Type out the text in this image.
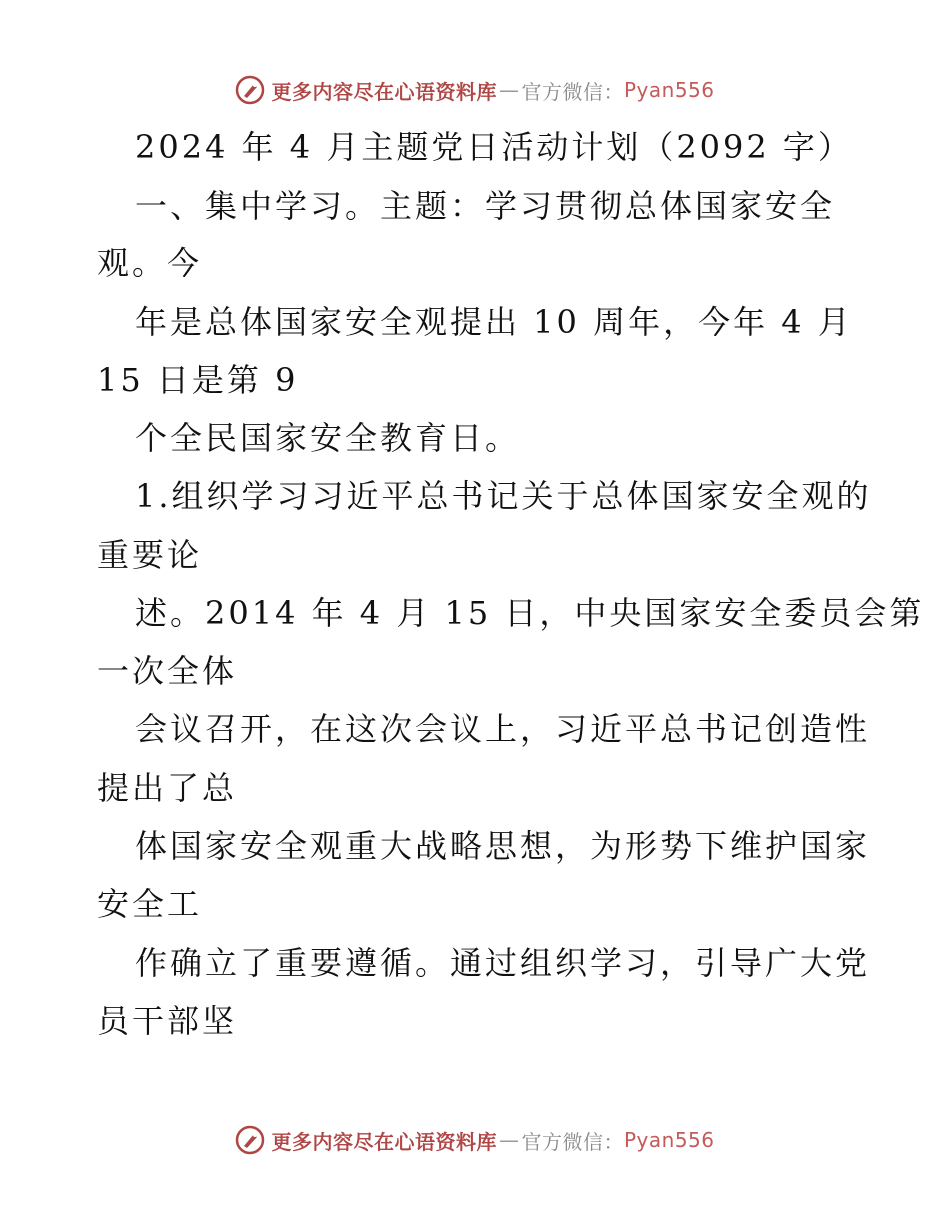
更多内容尽在心语资料库 — 官方微信： Pyan556
2024 年 4 月主题党日活动计划（2092 字）
一、集中学习。主题：学习贯彻总体国家安全
观。今
年是总体国家安全观提出 10 周年，今年 4 月
15 日是第 9
个全民国家安全教育日。
1.组织学习习近平总书记关于总体国家安全观的
重要论
述。2014 年 4 月 15 日，中央国家安全委员会第
一次全体
会议召开，在这次会议上，习近平总书记创造性
提出了总
体国家安全观重大战略思想，为形势下维护国家
安全工
作确立了重要遵循。通过组织学习，引导广大党
员干部坚
更多内容尽在心语资料库 — 官方微信： Pyan556
